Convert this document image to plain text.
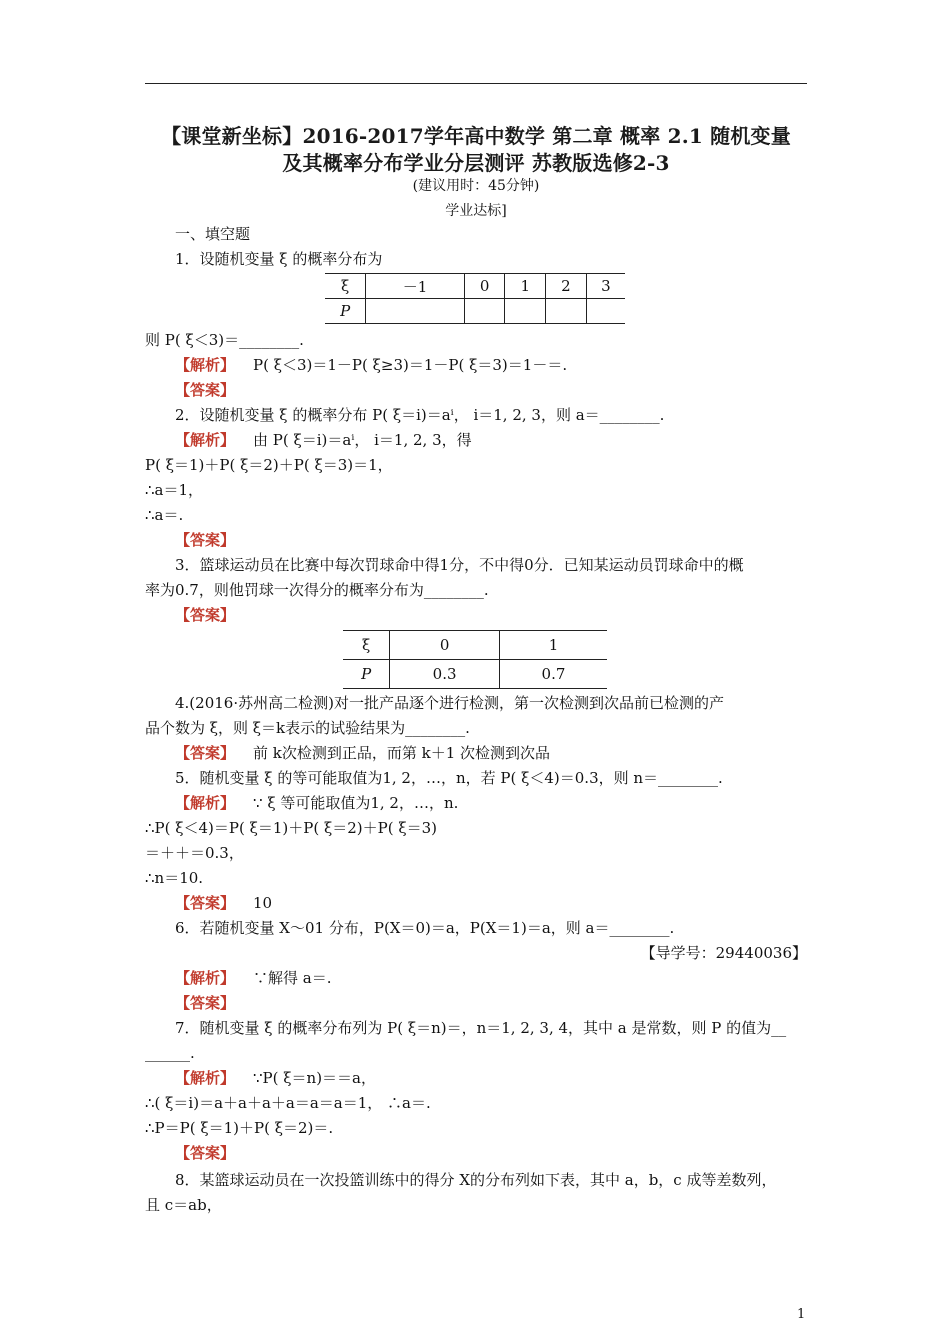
【课堂新坐标】2016-2017学年高中数学 第二章 概率 2.1 随机变量
及其概率分布学业分层测评 苏教版选修2-3
(建议用时：45分钟)
学业达标]
一、填空题
1．设随机变量 ξ 的概率分布为
ξ	－1	0	1	2	3
P					
则 P( ξ＜3)＝________.
【解析】 P( ξ＜3)＝1－P( ξ≥3)＝1－P( ξ＝3)＝1－＝.
【答案】
2．设随机变量 ξ 的概率分布 P( ξ＝i)＝aⁱ， i＝1, 2, 3，则 a＝________.
【解析】 由 P( ξ＝i)＝aⁱ， i＝1, 2, 3，得
P( ξ＝1)＋P( ξ＝2)＋P( ξ＝3)＝1，
∴a＝1，
∴a＝.
【答案】
3．篮球运动员在比赛中每次罚球命中得1分，不中得0分．已知某运动员罚球命中的概
率为0.7，则他罚球一次得分的概率分布为________.
【答案】
ξ	0	1
P	0.3	0.7
4.(2016·苏州高二检测)对一批产品逐个进行检测，第一次检测到次品前已检测的产
品个数为 ξ，则 ξ＝k表示的试验结果为________.
【答案】 前 k次检测到正品，而第 k＋1 次检测到次品
5．随机变量 ξ 的等可能取值为1, 2，…，n，若 P( ξ＜4)＝0.3，则 n＝________.
【解析】 ∵ ξ 等可能取值为1, 2，…，n.
∴P( ξ＜4)＝P( ξ＝1)＋P( ξ＝2)＋P( ξ＝3)
＝＋＋＝0.3，
∴n＝10.
【答案】 10
6．若随机变量 X～01 分布，P(X＝0)＝a，P(X＝1)＝a，则 a＝________.
【导学号：29440036】
【解析】 ∵解得 a＝.
【答案】
7．随机变量 ξ 的概率分布列为 P( ξ＝n)＝，n＝1, 2, 3, 4，其中 a 是常数，则 P 的值为__
______.
【解析】 ∵P( ξ＝n)＝＝a，
∴( ξ＝i)＝a＋a＋a＋a＝a＝a＝1， ∴a＝.
∴P＝P( ξ＝1)＋P( ξ＝2)＝.
【答案】
8．某篮球运动员在一次投篮训练中的得分 X的分布列如下表，其中 a，b，c 成等差数列，
且 c＝ab，
1
